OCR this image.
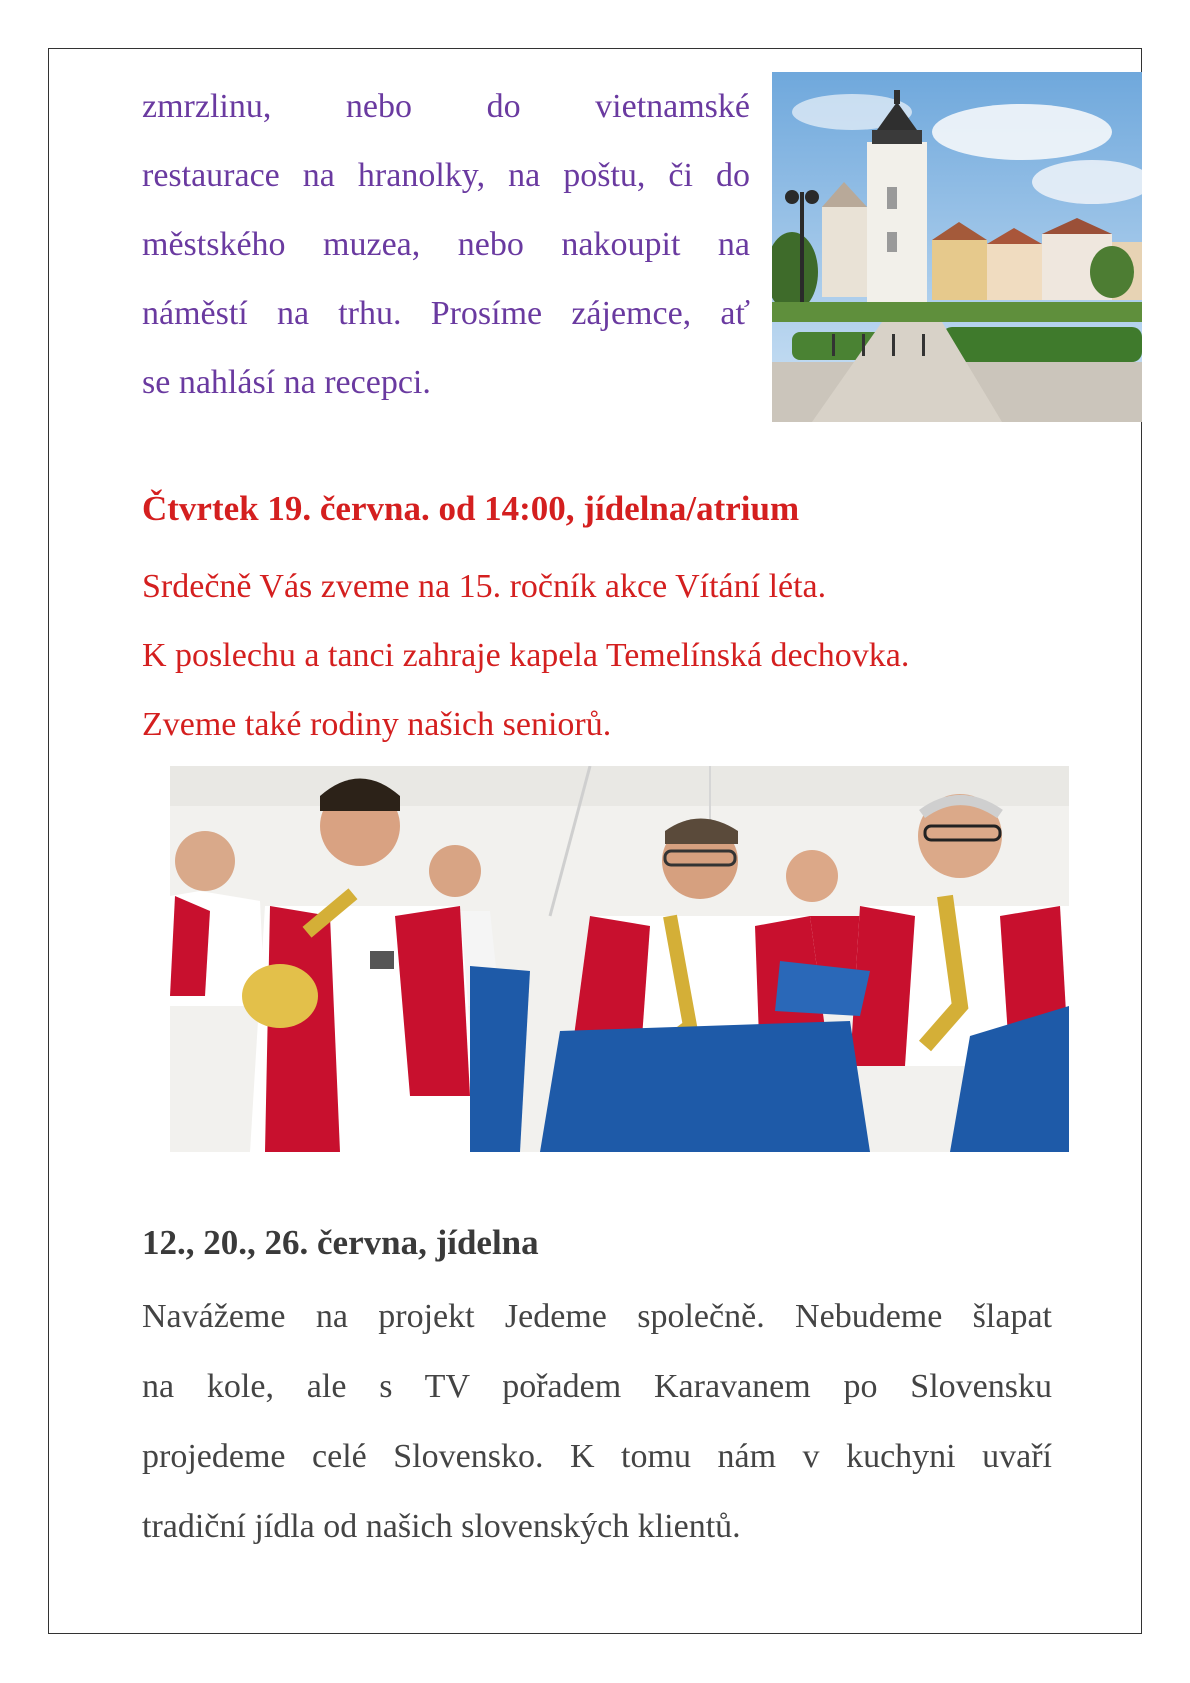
zmrzlinu, nebo do vietnamské
restaurace na hranolky, na poštu, či do
městského muzea, nebo nakoupit na
náměstí na trhu. Prosíme zájemce, ať
se nahlásí na recepci.
Čtvrtek 19. června. od 14:00, jídelna/atrium
Srdečně Vás zveme na 15. ročník akce Vítání léta.
K poslechu a tanci zahraje kapela Temelínská dechovka.
Zveme také rodiny našich seniorů.
12., 20., 26. června, jídelna
Navážeme na projekt Jedeme společně. Nebudeme šlapat
na kole, ale s TV pořadem Karavanem po Slovensku
projedeme celé Slovensko. K tomu nám v kuchyni uvaří
tradiční jídla od našich slovenských klientů.
